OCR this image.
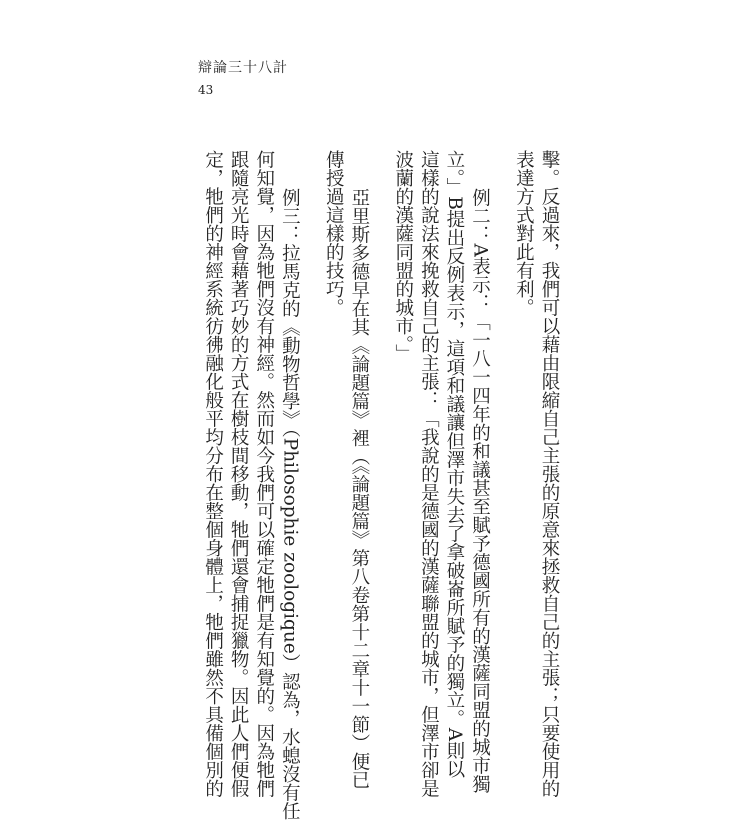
辯論三十八計
43
擊。反過來，我們可以藉由限縮自己主張的原意來拯救自己的主張；只要使用的
表達方式對此有利。
例二：A表示：「一八一四年的和議甚至賦予德國所有的漢薩同盟的城市獨
立。」B提出反例表示，這項和議讓但澤市失去了拿破崙所賦予的獨立。A則以
這樣的說法來挽救自己的主張：「我說的是德國的漢薩聯盟的城市，但澤市卻是
波蘭的漢薩同盟的城市。」
亞里斯多德早在其《論題篇》裡（《論題篇》第八卷第十二章十一節）便已
傳授過這樣的技巧。
例三：拉馬克的《動物哲學》（Philosophie zoologique）認為，水螅沒有任
何知覺，因為牠們沒有神經。然而如今我們可以確定牠們是有知覺的。因為牠們
跟隨亮光時會藉著巧妙的方式在樹枝間移動，牠們還會捕捉獵物。因此人們便假
定，牠們的神經系統彷彿融化般平均分布在整個身體上，牠們雖然不具備個別的
